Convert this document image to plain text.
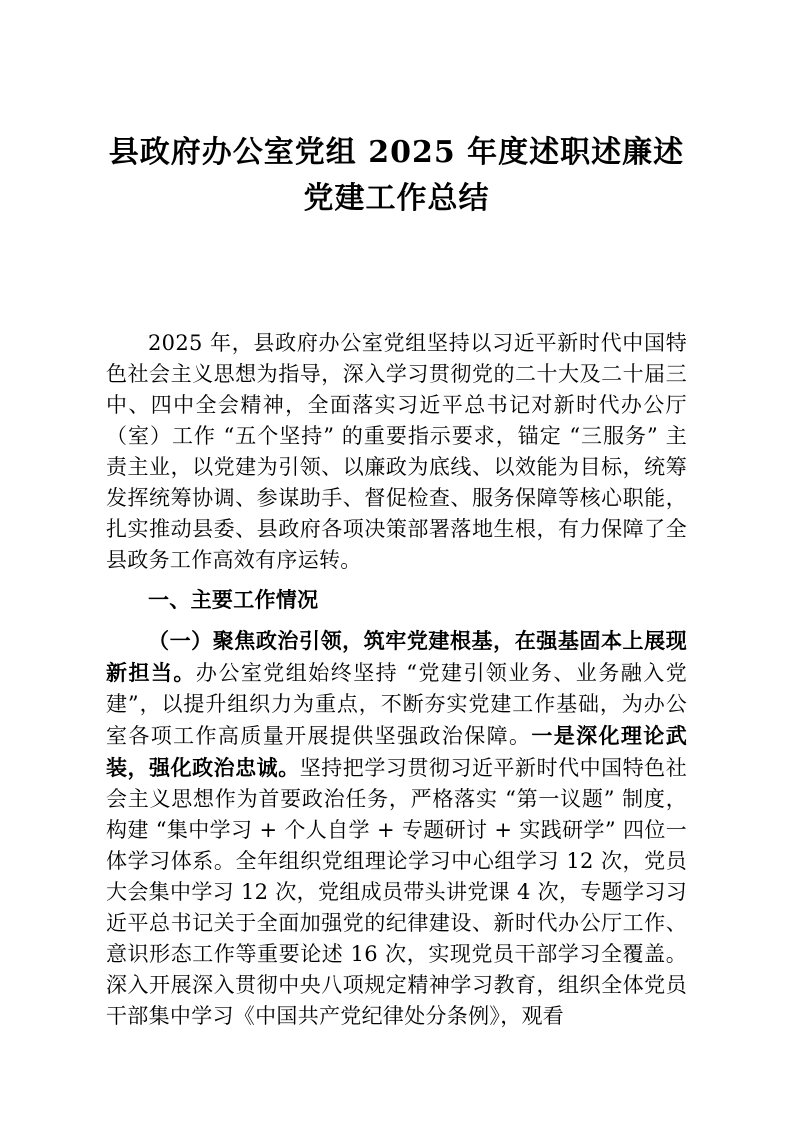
县政府办公室党组 2025 年度述职述廉述党建工作总结

2025 年，县政府办公室党组坚持以习近平新时代中国特色社会主义思想为指导，深入学习贯彻党的二十大及二十届三中、四中全会精神，全面落实习近平总书记对新时代办公厅（室）工作 “五个坚持” 的重要指示要求，锚定 “三服务” 主责主业，以党建为引领、以廉政为底线、以效能为目标，统筹发挥统筹协调、参谋助手、督促检查、服务保障等核心职能，扎实推动县委、县政府各项决策部署落地生根，有力保障了全县政务工作高效有序运转。

一、主要工作情况

（一）聚焦政治引领，筑牢党建根基，在强基固本上展现新担当。办公室党组始终坚持 “党建引领业务、业务融入党建”，以提升组织力为重点，不断夯实党建工作基础，为办公室各项工作高质量开展提供坚强政治保障。一是深化理论武装，强化政治忠诚。坚持把学习贯彻习近平新时代中国特色社会主义思想作为首要政治任务，严格落实 “第一议题” 制度，构建 “集中学习 + 个人自学 + 专题研讨 + 实践研学” 四位一体学习体系。全年组织党组理论学习中心组学习 12 次，党员大会集中学习 12 次，党组成员带头讲党课 4 次，专题学习习近平总书记关于全面加强党的纪律建设、新时代办公厅工作、意识形态工作等重要论述 16 次，实现党员干部学习全覆盖。深入开展深入贯彻中央八项规定精神学习教育，组织全体党员干部集中学习《中国共产党纪律处分条例》，观看
